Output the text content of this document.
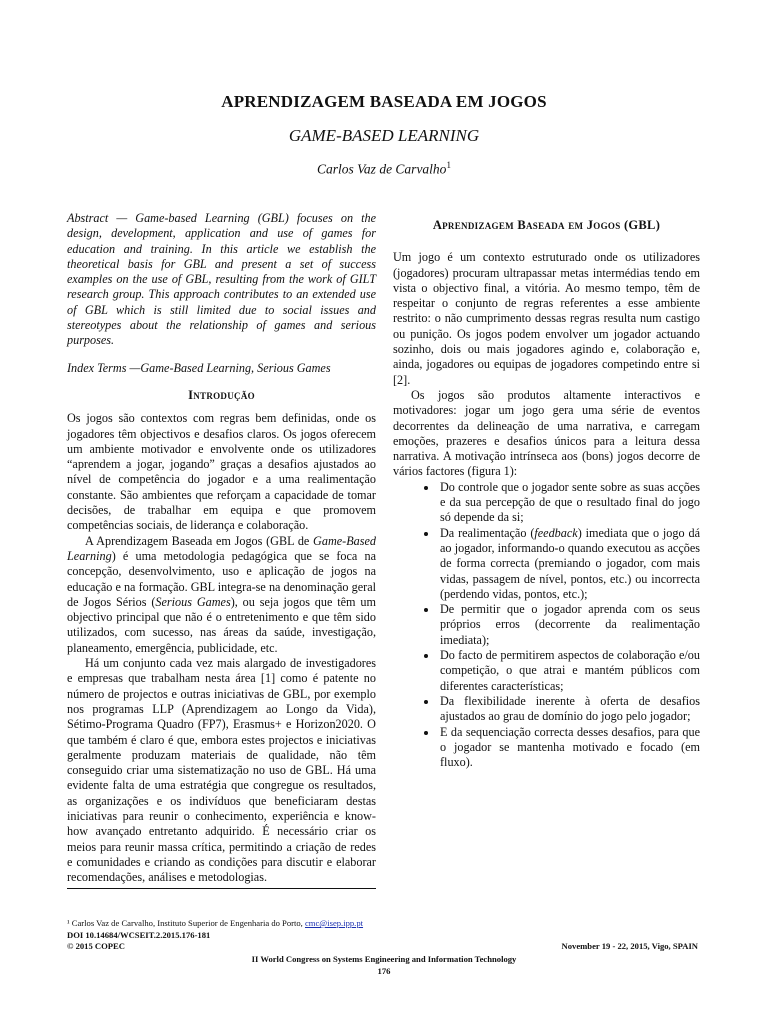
APRENDIZAGEM BASEADA EM JOGOS
GAME-BASED LEARNING
Carlos Vaz de Carvalho$^1$

Abstract — Game-based Learning (GBL) focuses on the design, development, application and use of games for education and training. In this article we establish the theoretical basis for GBL and present a set of success examples on the use of GBL, resulting from the work of GILT research group. This approach contributes to an extended use of GBL which is still limited due to social issues and stereotypes about the relationship of games and serious purposes.

Index Terms —Game-Based Learning, Serious Games

Introdução

Os jogos são contextos com regras bem definidas, onde os jogadores têm objectivos e desafios claros. Os jogos oferecem um ambiente motivador e envolvente onde os utilizadores “aprendem a jogar, jogando” graças a desafios ajustados ao nível de competência do jogador e a uma realimentação constante. São ambientes que reforçam a capacidade de tomar decisões, de trabalhar em equipa e que promovem competências sociais, de liderança e colaboração.

A Aprendizagem Baseada em Jogos (GBL de Game-Based Learning) é uma metodologia pedagógica que se foca na concepção, desenvolvimento, uso e aplicação de jogos na educação e na formação. GBL integra-se na denominação geral de Jogos Sérios (Serious Games), ou seja jogos que têm um objectivo principal que não é o entretenimento e que têm sido utilizados, com sucesso, nas áreas da saúde, investigação, planeamento, emergência, publicidade, etc.

Há um conjunto cada vez mais alargado de investigadores e empresas que trabalham nesta área [1] como é patente no número de projectos e outras iniciativas de GBL, por exemplo nos programas LLP (Aprendizagem ao Longo da Vida), Sétimo-Programa Quadro (FP7), Erasmus+ e Horizon2020. O que também é claro é que, embora estes projectos e iniciativas geralmente produzam materiais de qualidade, não têm conseguido criar uma sistematização no uso de GBL. Há uma evidente falta de uma estratégia que congregue os resultados, as organizações e os indivíduos que beneficiaram destas iniciativas para reunir o conhecimento, experiência e know-how avançado entretanto adquirido. É necessário criar os meios para reunir massa crítica, permitindo a criação de redes e comunidades e criando as condições para discutir e elaborar recomendações, análises e metodologias.

Aprendizagem Baseada em Jogos (GBL)

Um jogo é um contexto estruturado onde os utilizadores (jogadores) procuram ultrapassar metas intermédias tendo em vista o objectivo final, a vitória. Ao mesmo tempo, têm de respeitar o conjunto de regras referentes a esse ambiente restrito: o não cumprimento dessas regras resulta num castigo ou punição. Os jogos podem envolver um jogador actuando sozinho, dois ou mais jogadores agindo e, colaboração e, ainda, jogadores ou equipas de jogadores competindo entre si [2].

Os jogos são produtos altamente interactivos e motivadores: jogar um jogo gera uma série de eventos decorrentes da delineação de uma narrativa, e carregam emoções, prazeres e desafios únicos para a leitura dessa narrativa. A motivação intrínseca aos (bons) jogos decorre de vários factores (figura 1):

• Do controle que o jogador sente sobre as suas acções e da sua percepção de que o resultado final do jogo só depende da si;
• Da realimentação (feedback) imediata que o jogo dá ao jogador, informando-o quando executou as acções de forma correcta (premiando o jogador, com mais vidas, passagem de nível, pontos, etc.) ou incorrecta (perdendo vidas, pontos, etc.);
• De permitir que o jogador aprenda com os seus próprios erros (decorrente da realimentação imediata);
• Do facto de permitirem aspectos de colaboração e/ou competição, o que atrai e mantém públicos com diferentes características;
• Da flexibilidade inerente à oferta de desafios ajustados ao grau de domínio do jogo pelo jogador;
• E da sequenciação correcta desses desafios, para que o jogador se mantenha motivado e focado (em fluxo).
¹ Carlos Vaz de Carvalho, Instituto Superior de Engenharia do Porto, cmc@isep.ipp.pt
DOI 10.14684/WCSEIT.2.2015.176-181
© 2015 COPEC	November 19 - 22, 2015, Vigo, SPAIN
II World Congress on Systems Engineering and Information Technology
176
